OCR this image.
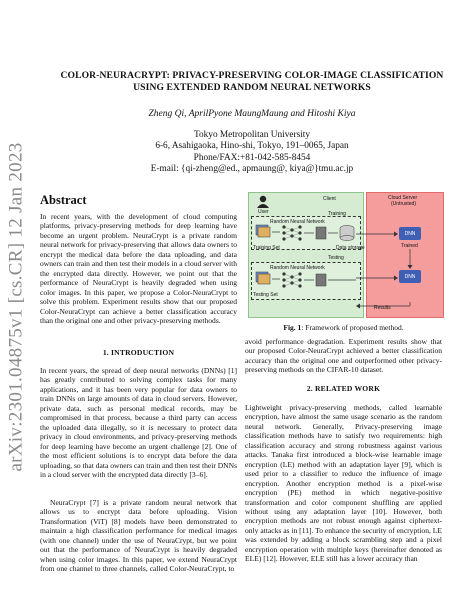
arXiv:2301.04875v1 [cs.CR] 12 Jan 2023
COLOR-NEURACRYPT: PRIVACY-PRESERVING COLOR-IMAGE CLASSIFICATION
USING EXTENDED RANDOM NEURAL NETWORKS
Zheng Qi, AprilPyone MaungMaung and Hitoshi Kiya
Tokyo Metropolitan University
6-6, Asahigaoka, Hino-shi, Tokyo, 191–0065, Japan
Phone/FAX:+81-042-585-8454
E-mail: {qi-zheng@ed., apmaung@, kiya@}tmu.ac.jp
Abstract
In recent years, with the development of cloud computing platforms, privacy-preserving methods for deep learning have become an urgent problem. NeuraCrypt is a private random neural network for privacy-preserving that allows data owners to encrypt the medical data before the data uploading, and data owners can train and then test their models in a cloud server with the encrypted data directly. However, we point out that the performance of NeuraCrypt is heavily degraded when using color images. In this paper, we propose a Color-NeuraCrypt to solve this problem. Experiment results show that our proposed Color-NeuraCrypt can achieve a better classification accuracy than the original one and other privacy-preserving methods.
1. INTRODUCTION
In recent years, the spread of deep neural networks (DNNs) [1] has greatly contributed to solving complex tasks for many applications, and it has been very popular for data owners to train DNNs on large amounts of data in cloud servers. However, private data, such as personal medical records, may be compromised in that process, because a third party can access the uploaded data illegally, so it is necessary to protect data privacy in cloud environments, and privacy-preserving methods for deep learning have become an urgent challenge [2]. One of the most efficient solutions is to encrypt data before the data uploading, so that data owners can train and then test their DNNs in a cloud server with the encrypted data directly [3–6].
NeuraCrypt [7] is a private random neural network that allows us to encrypt data before uploading. Vision Transformation (ViT) [8] models have been demonstrated to maintain a high classification performance for medical images (with one channel) under the use of NeuraCrypt, but we point out that the performance of NeuraCrypt is heavily degraded when using color images. In this paper, we extend NeuraCrypt from one channel to three channels, called Color-NeuraCrypt, to
Client	Cloud Server
(Untrusted)
User	Training
Random Neural Network
Training Set	Data storage
DNN
Trained
Testing
Random Neural Network
Testing Set
DNN
Results
Fig. 1: Framework of proposed method.
avoid performance degradation. Experiment results show that our proposed Color-NeuraCrypt achieved a better classification accuracy than the original one and outperformed other privacy-preserving methods on the CIFAR-10 dataset.
2. RELATED WORK
Lightweight privacy-preserving methods, called learnable encryption, have almost the same usage scenario as the random neural network. Generally, Privacy-preserving image classification methods have to satisfy two requirements: high classification accuracy and strong robustness against various attacks. Tanaka first introduced a block-wise learnable image encryption (LE) method with an adaptation layer [9], which is used prior to a classifier to reduce the influence of image encryption. Another encryption method is a pixel-wise encryption (PE) method in which negative-positive transformation and color component shuffling are applied without using any adaptation layer [10]. However, both encryption methods are not robust enough against ciphertext-only attacks as in [11]. To enhance the security of encryption, LE was extended by adding a block scrambling step and a pixel encryption operation with multiple keys (hereinafter denoted as ELE) [12]. However, ELE still has a lower accuracy than
